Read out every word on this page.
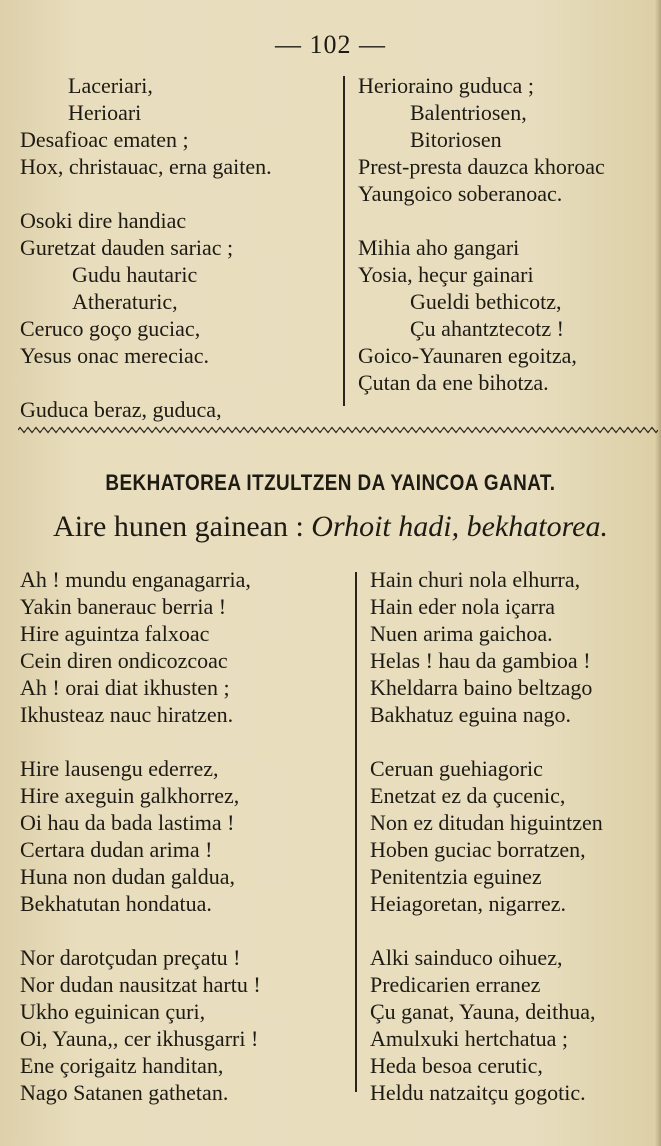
— 102 —
Laceriari,
Herioari
Desafioac ematen ;
Hox, christauac, erna gaiten.
Osoki dire handiac
Guretzat dauden sariac ;
Gudu hautaric
Atheraturic,
Ceruco goço guciac,
Yesus onac mereciac.
Guduca beraz, guduca,
Herioraino guduca ;
Balentriosen,
Bitoriosen
Prest-presta dauzca khoroac
Yaungoico soberanoac.
Mihia aho gangari
Yosia, heçur gainari
Gueldi bethicotz,
Çu ahantztecotz !
Goico-Yaunaren egoitza,
Çutan da ene bihotza.
BEKHATOREA ITZULTZEN DA YAINCOA GANAT.
Aire hunen gainean : Orhoit hadi, bekhatorea.
Ah ! mundu enganagarria,
Yakin banerauc berria !
Hire aguintza falxoac
Cein diren ondicozcoac
Ah ! orai diat ikhusten ;
Ikhusteaz nauc hiratzen.
Hire lausengu ederrez,
Hire axeguin galkhorrez,
Oi hau da bada lastima !
Certara dudan arima !
Huna non dudan galdua,
Bekhatutan hondatua.
Nor darotçudan preçatu !
Nor dudan nausitzat hartu !
Ukho eguinican çuri,
Oi, Yauna,, cer ikhusgarri !
Ene çorigaitz handitan,
Nago Satanen gathetan.
Hain churi nola elhurra,
Hain eder nola içarra
Nuen arima gaichoa.
Helas ! hau da gambioa !
Kheldarra baino beltzago
Bakhatuz eguina nago.
Ceruan guehiagoric
Enetzat ez da çucenic,
Non ez ditudan higuintzen
Hoben guciac borratzen,
Penitentzia eguinez
Heiagoretan, nigarrez.
Alki sainduco oihuez,
Predicarien erranez
Çu ganat, Yauna, deithua,
Amulxuki hertchatua ;
Heda besoa cerutic,
Heldu natzaitçu gogotic.
